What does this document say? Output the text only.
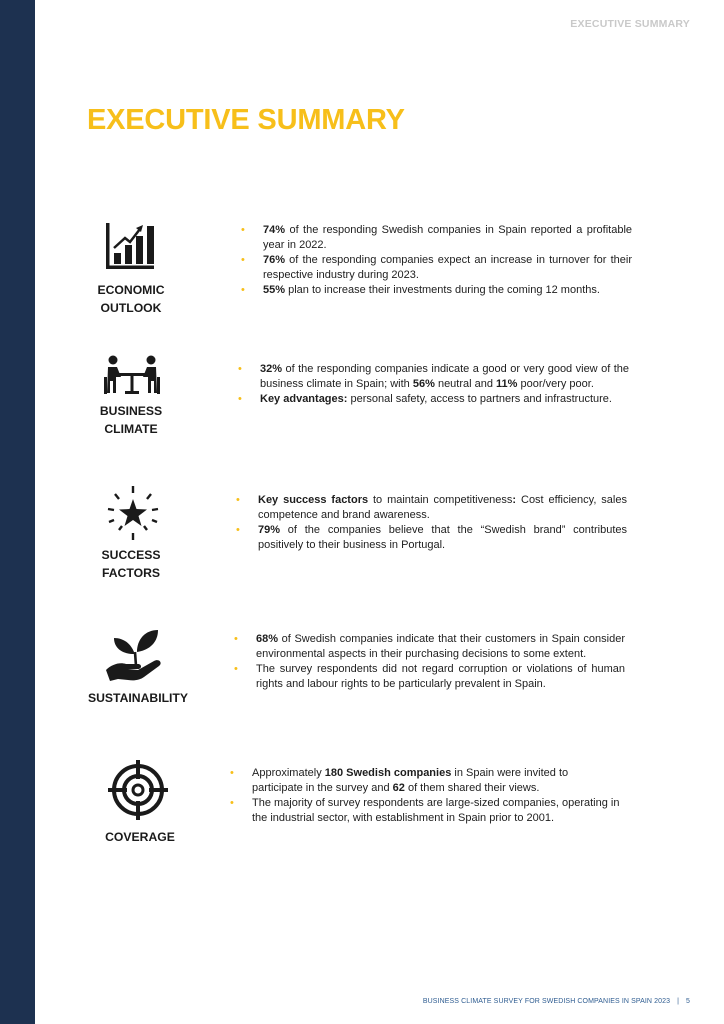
EXECUTIVE SUMMARY
EXECUTIVE SUMMARY
ECONOMIC OUTLOOK
• 74% of the responding Swedish companies in Spain reported a profitable year in 2022.
• 76% of the responding companies expect an increase in turnover for their respective industry during 2023.
• 55% plan to increase their investments during the coming 12 months.
BUSINESS CLIMATE
• 32% of the responding companies indicate a good or very good view of the business climate in Spain; with 56% neutral and 11% poor/very poor.
• Key advantages: personal safety, access to partners and infrastructure.
SUCCESS FACTORS
• Key success factors to maintain competitiveness: Cost efficiency, sales competence and brand awareness.
• 79% of the companies believe that the “Swedish brand” contributes positively to their business in Portugal.
SUSTAINABILITY
• 68% of Swedish companies indicate that their customers in Spain consider environmental aspects in their purchasing decisions to some extent.
• The survey respondents did not regard corruption or violations of human rights and labour rights to be particularly prevalent in Spain.
COVERAGE
• Approximately 180 Swedish companies in Spain were invited to participate in the survey and 62 of them shared their views.
• The majority of survey respondents are large-sized companies, operating in the industrial sector, with establishment in Spain prior to 2001.
BUSINESS CLIMATE SURVEY FOR SWEDISH COMPANIES IN SPAIN 2023 | 5
